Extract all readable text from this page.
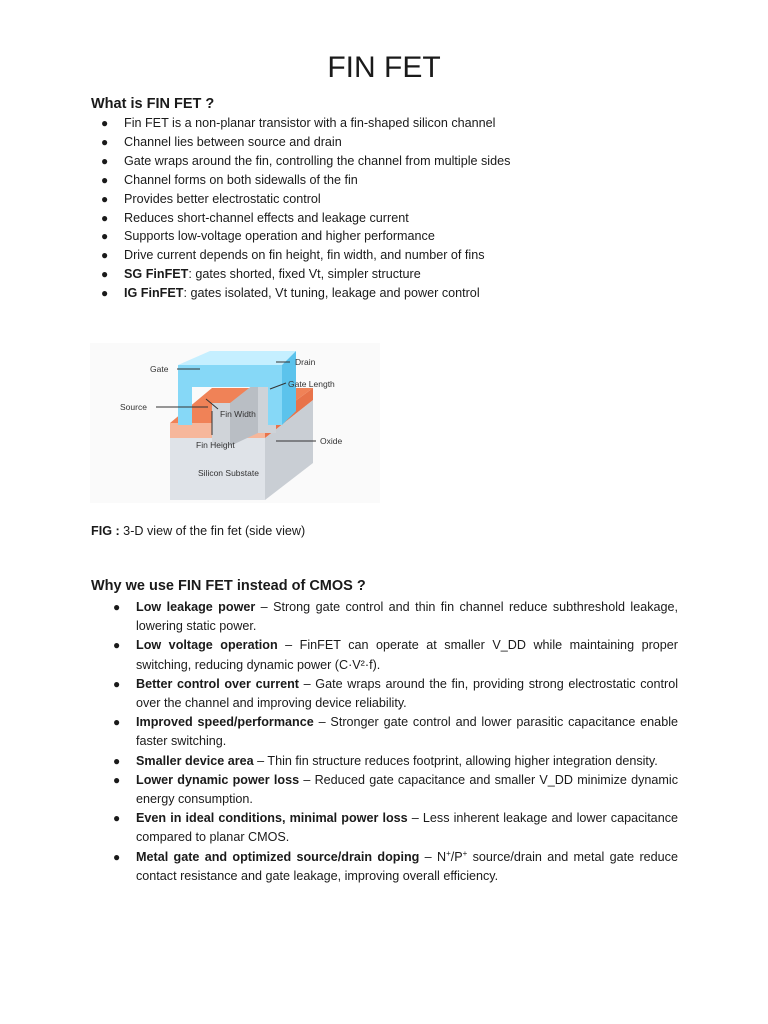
FIN FET
What is FIN FET ?
● Fin FET is a non-planar transistor with a fin-shaped silicon channel
● Channel lies between source and drain
● Gate wraps around the fin, controlling the channel from multiple sides
● Channel forms on both sidewalls of the fin
● Provides better electrostatic control
● Reduces short-channel effects and leakage current
● Supports low-voltage operation and higher performance
● Drive current depends on fin height, fin width, and number of fins
● SG FinFET: gates shorted, fixed Vt, simpler structure
● IG FinFET: gates isolated, Vt tuning, leakage and power control
Gate
Drain
Gate Length
Source
Fin Width
Oxide
Fin Height
Silicon Substate
FIG : 3-D view of the fin fet (side view)
Why we use FIN FET instead of CMOS ?
● Low leakage power – Strong gate control and thin fin channel reduce subthreshold leakage, lowering static power.
● Low voltage operation – FinFET can operate at smaller V_DD while maintaining proper switching, reducing dynamic power (C·V²·f).
● Better control over current – Gate wraps around the fin, providing strong electrostatic control over the channel and improving device reliability.
● Improved speed/performance – Stronger gate control and lower parasitic capacitance enable faster switching.
● Smaller device area – Thin fin structure reduces footprint, allowing higher integration density.
● Lower dynamic power loss – Reduced gate capacitance and smaller V_DD minimize dynamic energy consumption.
● Even in ideal conditions, minimal power loss – Less inherent leakage and lower capacitance compared to planar CMOS.
● Metal gate and optimized source/drain doping – N+/P+ source/drain and metal gate reduce contact resistance and gate leakage, improving overall efficiency.
